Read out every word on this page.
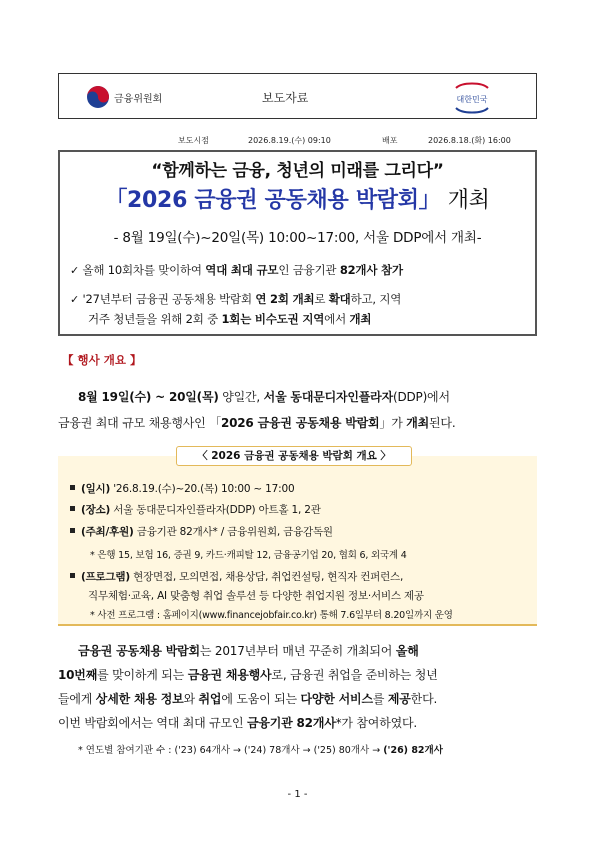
금융위원회	보도자료	대한민국
보도시점	2026.8.19.(수) 09:10	배포	2026.8.18.(화) 16:00
“함께하는 금융, 청년의 미래를 그리다”
「2026 금융권 공동채용 박람회」 개최
- 8월 19일(수)~20일(목) 10:00~17:00, 서울 DDP에서 개최-
✓ 올해 10회차를 맞이하여 역대 최대 규모인 금융기관 82개사 참가
✓ '27년부터 금융권 공동채용 박람회 연 2회 개최로 확대하고, 지역
거주 청년들을 위해 2회 중 1회는 비수도권 지역에서 개최
【 행사 개요 】
8월 19일(수) ~ 20일(목) 양일간, 서울 동대문디자인플라자(DDP)에서
금융권 최대 규모 채용행사인 「2026 금융권 공동채용 박람회」가 개최된다.
〈 2026 금융권 공동채용 박람회 개요 〉
(일시) '26.8.19.(수)~20.(목) 10:00 ~ 17:00
(장소) 서울 동대문디자인플라자(DDP) 아트홀 1, 2관
(주최/후원) 금융기관 82개사* / 금융위원회, 금융감독원
* 은행 15, 보험 16, 증권 9, 카드·캐피탈 12, 금융공기업 20, 협회 6, 외국계 4
(프로그램) 현장면접, 모의면접, 채용상담, 취업컨설팅, 현직자 컨퍼런스,
직무체험·교육, AI 맞춤형 취업 솔루션 등 다양한 취업지원 정보·서비스 제공
* 사전 프로그램 : 홈페이지(www.financejobfair.co.kr) 통해 7.6일부터 8.20일까지 운영
금융권 공동채용 박람회는 2017년부터 매년 꾸준히 개최되어 올해
10번째를 맞이하게 되는 금융권 채용행사로, 금융권 취업을 준비하는 청년
들에게 상세한 채용 정보와 취업에 도움이 되는 다양한 서비스를 제공한다.
이번 박람회에서는 역대 최대 규모인 금융기관 82개사*가 참여하였다.
* 연도별 참여기관 수 : ('23) 64개사 → ('24) 78개사 → ('25) 80개사 → ('26) 82개사
- 1 -
